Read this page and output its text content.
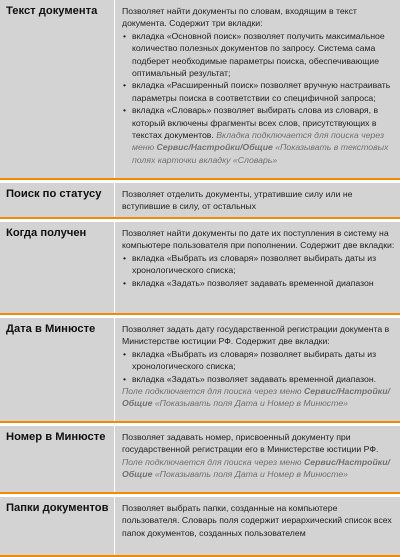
Текст документа	Позволяет найти документы по словам, входящим в текст документа. Содержит три вкладки:

• вкладка «Основной поиск» позволяет получить максимальное количество полезных документов по запросу. Система сама подберет необходимые параметры поиска, обеспечивающие оптимальный результат;
• вкладка «Расширенный поиск» позволяет вручную настраивать параметры поиска в соответствии со специфичной запроса;
• вкладка «Словарь» позволяет выбирать слова из словаря, в который включены фрагменты всех слов, присутствующих в текстах документов. Вкладка подключается для поиска через меню Сервис/Настройки/Общие «Показывать в текстовых полях карточки вкладку «Словарь»
Поиск по статусу	Позволяет отделить документы, утратившие силу или не вступившие в силу, от остальных

Когда получен	Позволяет найти документы по дате их поступления в систему на компьютере пользователя при пополнении. Содержит две вкладки:

• вкладка «Выбрать из словаря» позволяет выбирать даты из хронологического списка;
• вкладка «Задать» позволяет задавать временной диапазон
Дата в Минюсте	Позволяет задать дату государственной регистрации документа в Министерстве юстиции РФ. Содержит две вкладки:

• вкладка «Выбрать из словаря» позволяет выбирать даты из хронологического списка;
• вкладка «Задать» позволяет задавать временной диапазон.

Поле подключается для поиска через меню Сервис/Настройки/Общие «Показывать поля Дата и Номер в Минюсте»

Номер в Минюсте	Позволяет задавать номер, присвоенный документу при государственной регистрации его в Министерстве юстиции РФ.

Поле подключается для поиска через меню Сервис/Настройки/Общие «Показывать поля Дата и Номер в Минюсте»

Папки документов	Позволяет выбрать папки, созданные на компьютере пользователя. Словарь поля содержит иерархический список всех папок документов, созданных пользователем
